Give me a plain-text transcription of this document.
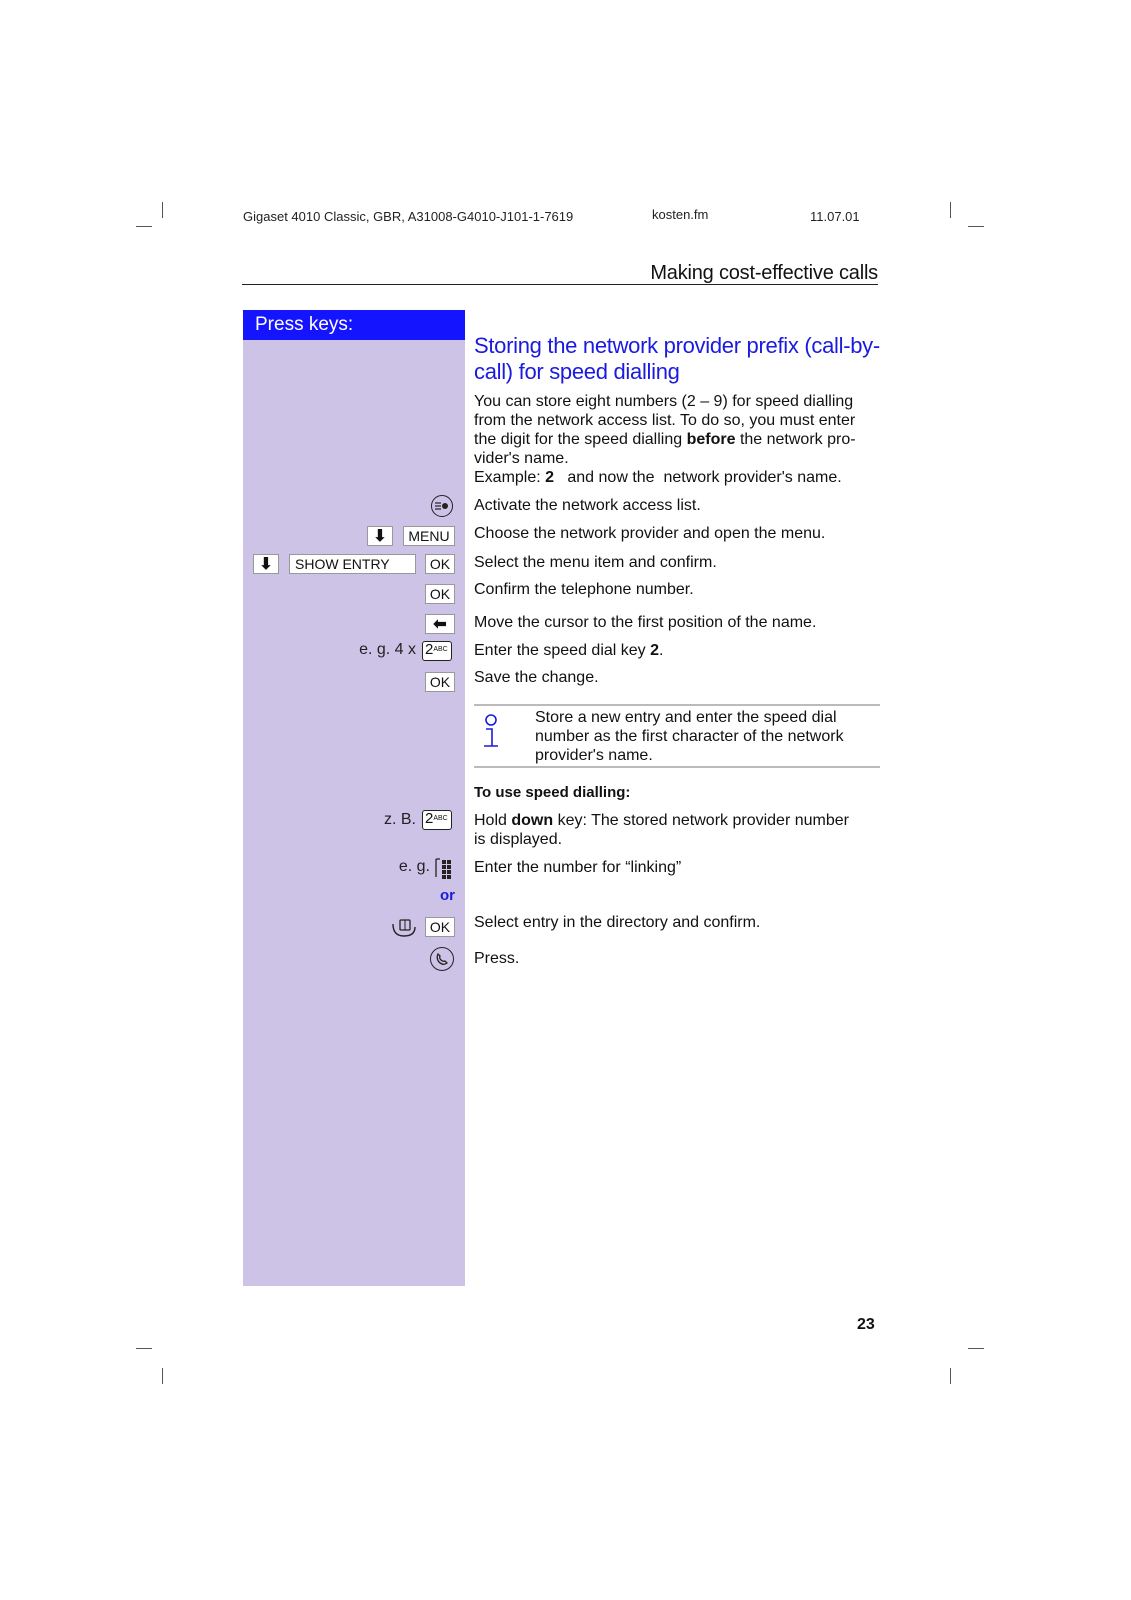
Gigaset 4010 Classic, GBR, A31008-G4010-J101-1-7619	kosten.fm	11.07.01
Making cost-effective calls
Press keys:
Storing the network provider prefix (call-by-
call) for speed dialling
You can store eight numbers (2 – 9) for speed dialling
from the network access list. To do so, you must enter
the digit for the speed dialling before the network pro-
vider's name.
Example: 2   and now the  network provider's name.
Activate the network access list.
⬇	MENU	Choose the network provider and open the menu.
⬇	SHOW ENTRY	OK	Select the menu item and confirm.
OK	Confirm the telephone number.
⬅	Move the cursor to the first position of the name.
e. g. 4 x $2^{ABC}$ Enter the speed dial key 2.
OK	Save the change.
Store a new entry and enter the speed dial
number as the first character of the network
provider's name.
To use speed dialling:
z. B. $2^{ABC}$ Hold down key: The stored network provider number
is displayed.
e. g.	Enter the number for “linking”
or
OK	Select entry in the directory and confirm.
Press.
23
